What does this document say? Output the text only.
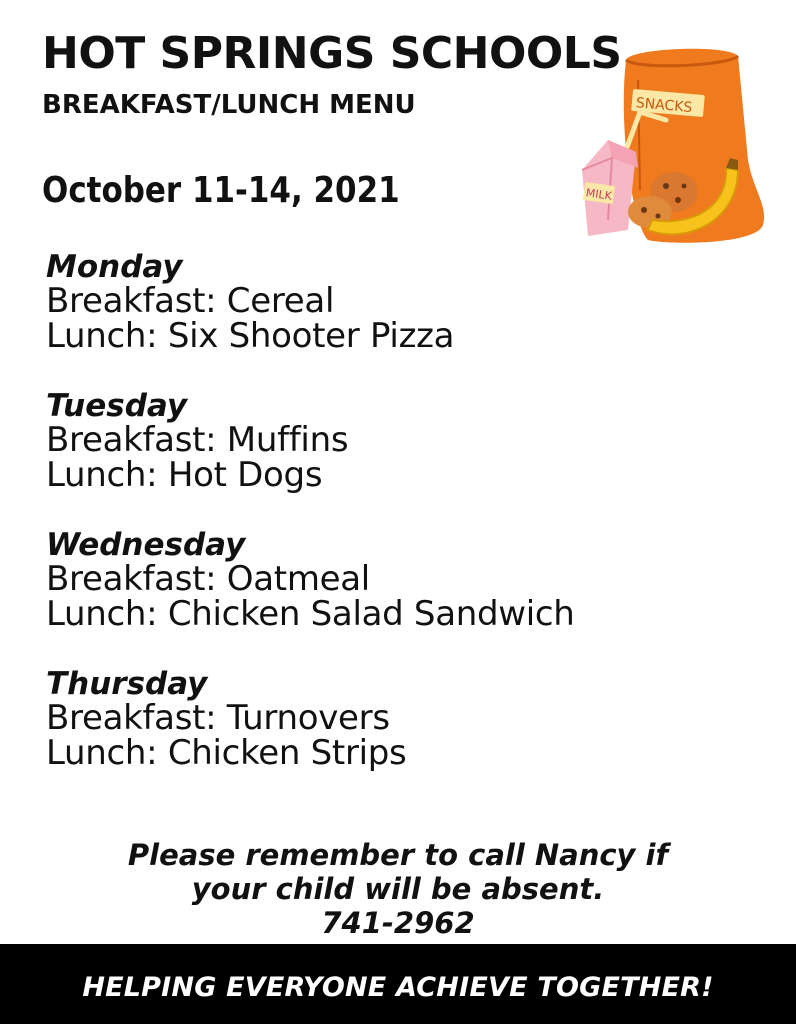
HOT SPRINGS SCHOOLS
BREAKFAST/LUNCH MENU
October 11-14, 2021
SNACKS
MILK

Monday

Breakfast: Cereal

Lunch: Six Shooter Pizza

Tuesday

Breakfast: Muffins

Lunch: Hot Dogs

Wednesday

Breakfast: Oatmeal

Lunch: Chicken Salad Sandwich

Thursday

Breakfast: Turnovers

Lunch: Chicken Strips

Please remember to call Nancy if
your child will be absent.
741-2962
HELPING EVERYONE ACHIEVE TOGETHER!
